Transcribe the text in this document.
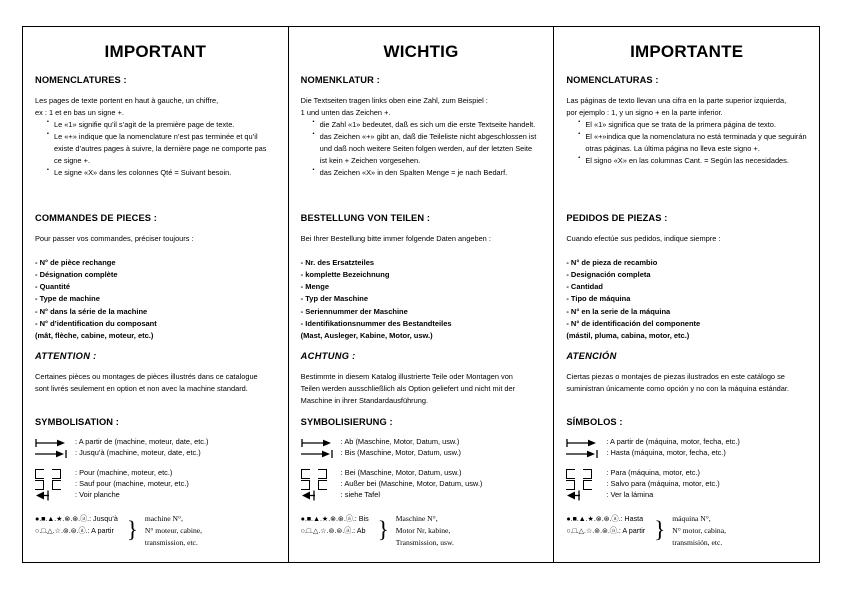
IMPORTANT
NOMENCLATURES :
Les pages de texte portent en haut à gauche, un chiffre,
ex : 1 et en bas un signe +.
▪ Le «1» signifie qu’il s’agit de la première page de texte.
▪ Le «+» indique que la nomenclature n’est pas terminée et qu’il existe d’autres pages à suivre, la dernière page ne comporte pas ce signe +.
▪ Le signe «X» dans les colonnes Qté = Suivant besoin.
COMMANDES DE PIECES :
Pour passer vos commandes, préciser toujours :
- N° de pièce rechange
- Désignation complète
- Quantité
- Type de machine
- N° dans la série de la machine
- N° d’identification du composant
(mât, flèche, cabine, moteur, etc.)
ATTENTION :
Certaines pièces ou montages de pièces illustrés dans ce catalogue
sont livrés seulement en option et non avec la machine standard.
SYMBOLISATION :
: A partir de (machine, moteur, date, etc.)
: Jusqu’à (machine, moteur, date, etc.)
: Pour (machine, moteur, etc.)
: Sauf pour (machine, moteur, etc.)
: Voir planche
●.■.▲.★.⊗.⊛.ⓐ.: Jusqu’à
○.□.△.☆.⊚.⊜.ⓐ.: A partir } machine N°,
N° moteur, cabine,
transmission, etc.
WICHTIG
NOMENKLATUR :
Die Textseiten tragen links oben eine Zahl, zum Beispiel :
1 und unten das Zeichen +.
▪ die Zahl «1» bedeutet, daß es sich um die erste Textseite handelt.
▪ das Zeichen «+» gibt an, daß die Teileliste nicht abgeschlossen ist und daß noch weitere Seiten folgen werden, auf der letzten Seite ist kein + Zeichen vorgesehen.
▪ das Zeichen «X» in den Spalten Menge = je nach Bedarf.
BESTELLUNG VON TEILEN :
Bei Ihrer Bestellung bitte immer folgende Daten angeben :
- Nr. des Ersatzteiles
- komplette Bezeichnung
- Menge
- Typ der Maschine
- Seriennummer der Maschine
- Identifikationsnummer des Bestandteiles
(Mast, Ausleger, Kabine, Motor, usw.)
ACHTUNG :
Bestimmte in diesem Katalog illustrierte Teile oder Montagen von
Teilen werden ausschließlich als Option geliefert und nicht mit der
Maschine in ihrer Standardausführung.
SYMBOLISIERUNG :
: Ab (Maschine, Motor, Datum, usw.)
: Bis (Maschine, Motor, Datum, usw.)
: Bei (Maschine, Motor, Datum, usw.)
: Außer bei (Maschine, Motor, Datum, usw.)
: siehe Tafel
●.■.▲.★.⊗.⊛.ⓐ.: Bis
○.□.△.☆.⊚.⊜.ⓐ.: Ab } Maschine N°,
Motor Nr, kabine,
Transmission, usw.
IMPORTANTE
NOMENCLATURAS :
Las páginas de texto llevan una cifra en la parte superior izquierda,
por ejemplo : 1, y un signo + en la parte inferior.
▪ El «1» significa que se trata de la primera página de texto.
▪ El «+»indica que la nomenclatura no está terminada y que seguirán otras páginas. La última página no lleva este signo +.
▪ El signo «X» en las columnas Cant. = Según las necesidades.
PEDIDOS DE PIEZAS :
Cuando efectúe sus pedidos, indique siempre :
- N° de pieza de recambio
- Designación completa
- Cantidad
- Tipo de máquina
- N° en la serie de la máquina
- N° de identificación del componente
(mástil, pluma, cabina, motor, etc.)
ATENCIÓN
Ciertas piezas o montajes de piezas ilustrados en este catálogo se
suministran únicamente como opción y no con la máquina estándar.
SÍMBOLOS :
: A partir de (máquina, motor, fecha, etc.)
: Hasta (máquina, motor, fecha, etc.)
: Para (máquina, motor, etc.)
: Salvo para (máquina, motor, etc.)
: Ver la lámina
●.■.▲.★.⊗.⊛.ⓐ.: Hasta
○.□.△.☆.⊚.⊜.ⓐ.: A partir } máquina N°,
N° motor, cabina,
transmisión, etc.
